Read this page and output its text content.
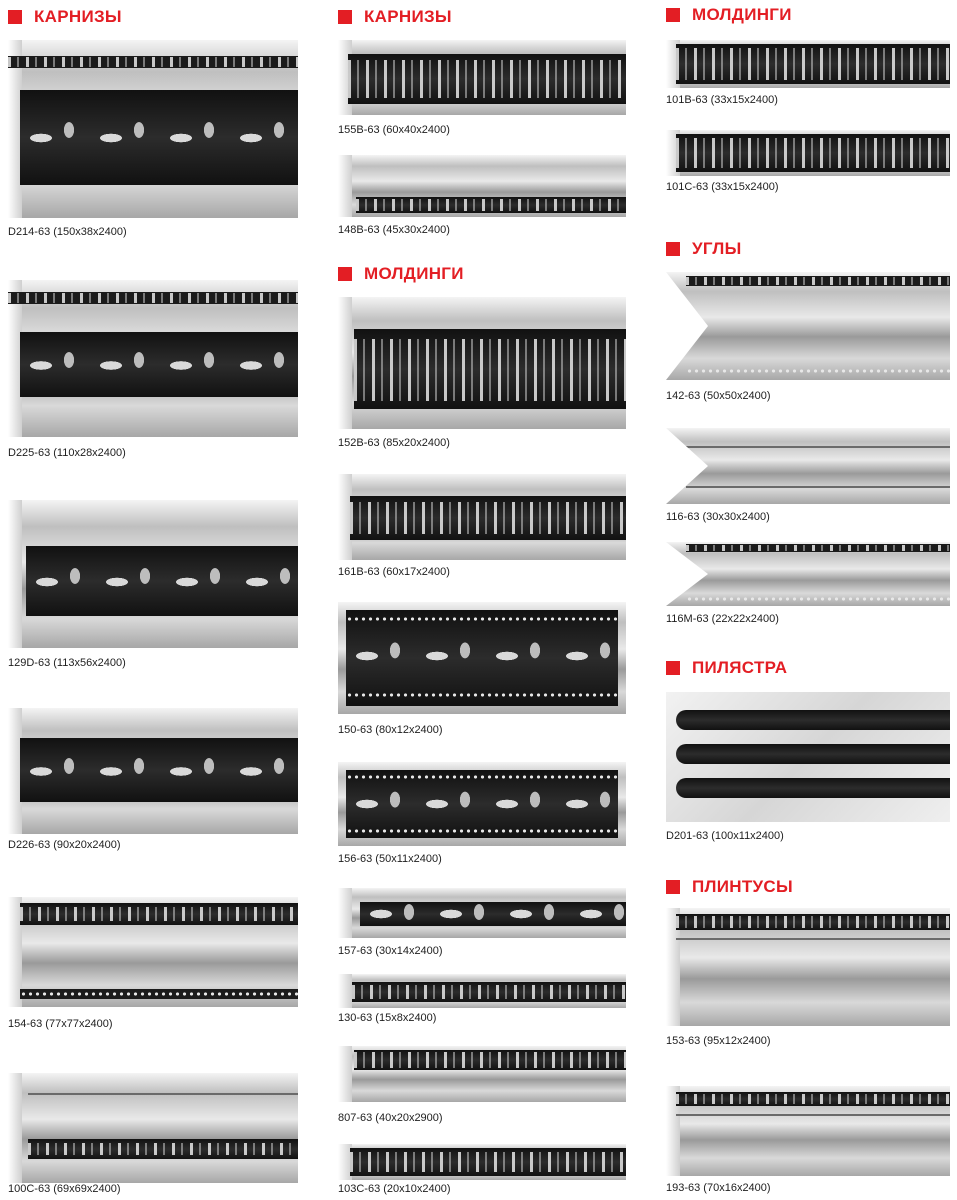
КАРНИЗЫ	КАРНИЗЫ
МОЛДИНГИ
МОЛДИНГИ
УГЛЫ
ПИЛЯСТРА
ПЛИНТУСЫ
D214-63 (150x38x2400)
D225-63 (110x28x2400)
129D-63 (113x56x2400)
D226-63 (90x20x2400)
154-63 (77x77x2400)
100C-63 (69x69x2400)
155B-63 (60x40x2400)
148B-63 (45x30x2400)
152B-63 (85x20x2400)
161B-63 (60x17x2400)
150-63 (80x12x2400)
156-63 (50x11x2400)
157-63 (30x14x2400)
130-63 (15x8x2400)
807-63 (40x20x2900)
103C-63 (20x10x2400)
101B-63 (33x15x2400)
101C-63 (33x15x2400)
142-63 (50x50x2400)
116-63 (30x30x2400)
116M-63 (22x22x2400)
D201-63 (100x11x2400)
153-63 (95x12x2400)
193-63 (70x16x2400)
